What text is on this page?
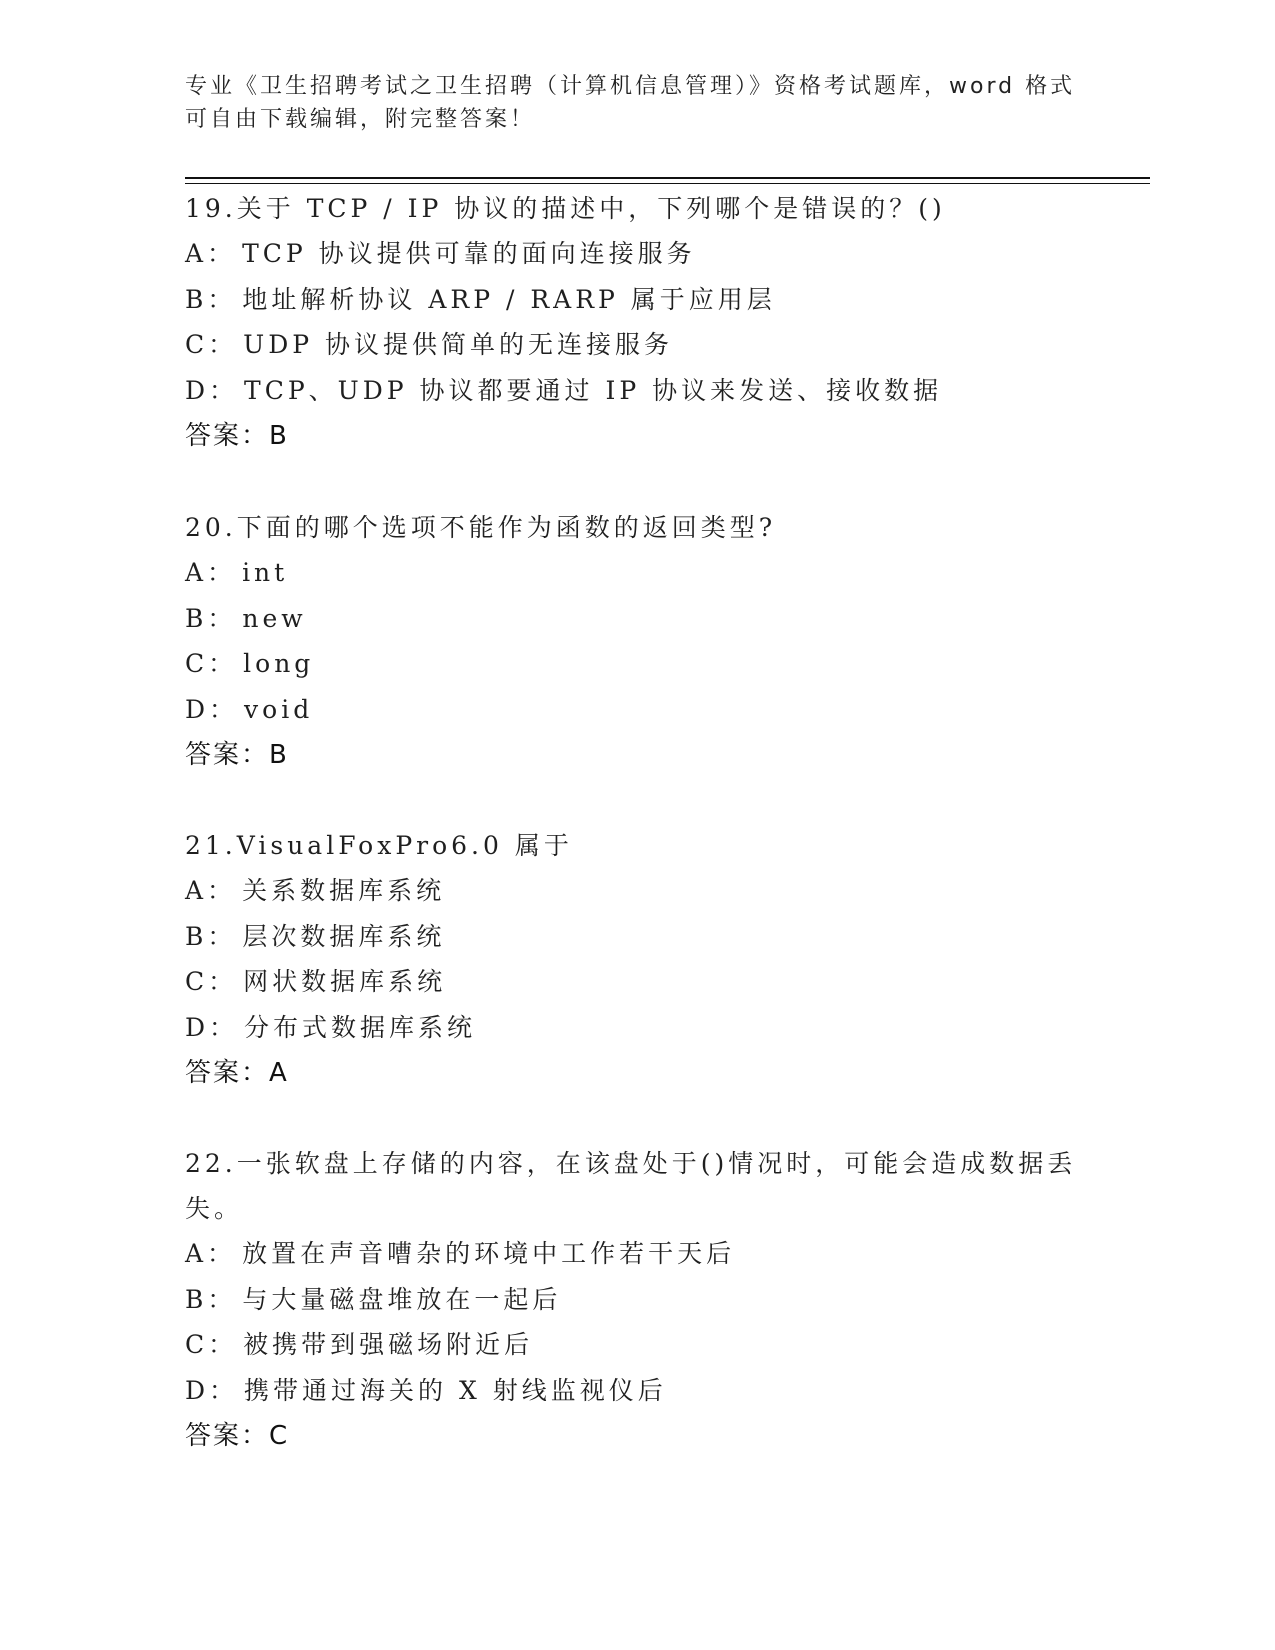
专业《卫生招聘考试之卫生招聘（计算机信息管理）》资格考试题库，word 格式
可自由下载编辑，附完整答案！

19.关于 TCP / IP 协议的描述中，下列哪个是错误的？()

A： TCP 协议提供可靠的面向连接服务
B： 地址解析协议 ARP / RARP 属于应用层
C： UDP 协议提供简单的无连接服务
D： TCP、UDP 协议都要通过 IP 协议来发送、接收数据
答案：B

20.下面的哪个选项不能作为函数的返回类型?

A： int
B： new
C： long
D： void
答案：B

21.VisualFoxPro6.0 属于

A： 关系数据库系统
B： 层次数据库系统
C： 网状数据库系统
D： 分布式数据库系统
答案：A

22.一张软盘上存储的内容，在该盘处于()情况时，可能会造成数据丢失。

A： 放置在声音嘈杂的环境中工作若干天后
B： 与大量磁盘堆放在一起后
C： 被携带到强磁场附近后
D： 携带通过海关的 X 射线监视仪后
答案：C
